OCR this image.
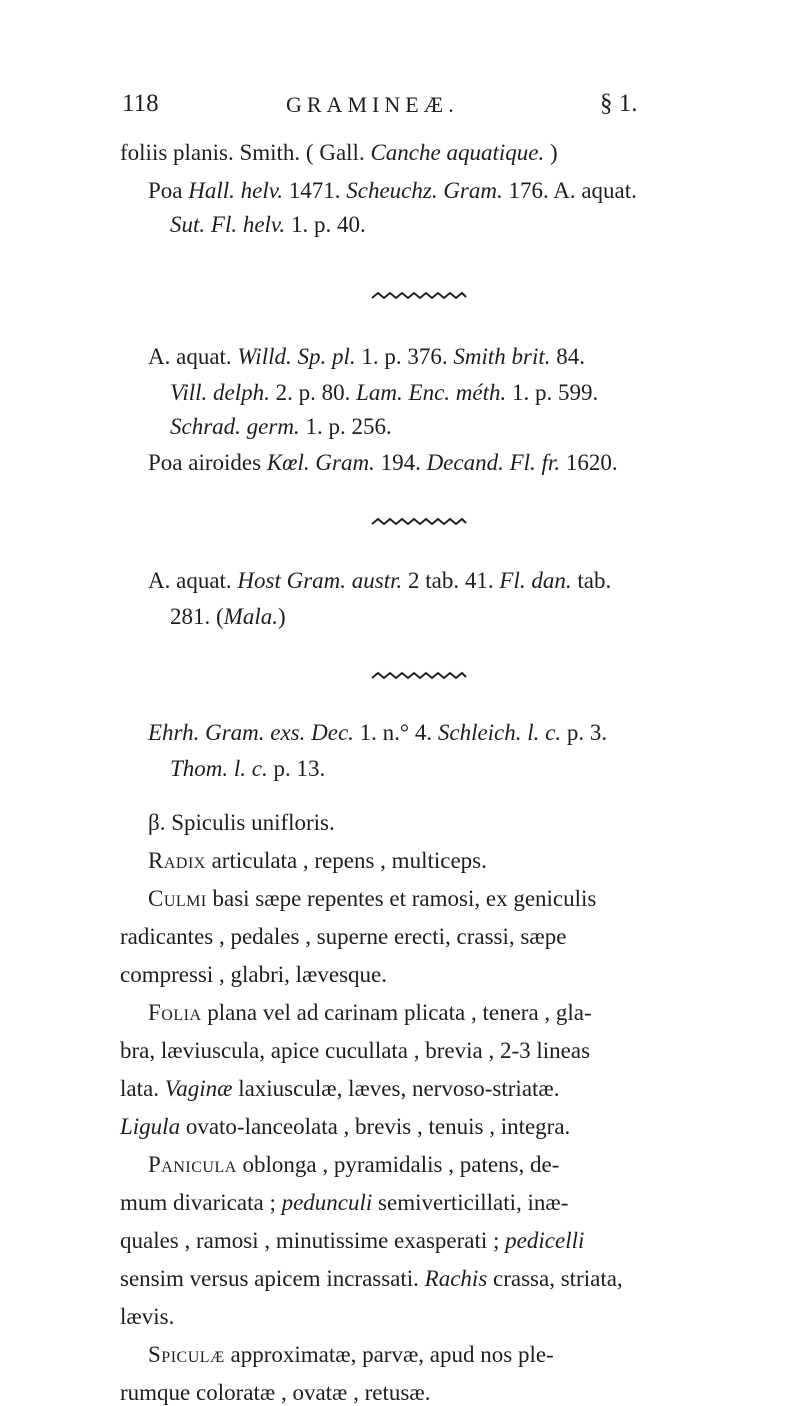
118	GRAMINEÆ.	§ 1.
foliis planis. Smith. ( Gall. Canche aquatique. )
Poa Hall. helv. 1471. Scheuchz. Gram. 176. A. aquat.
Sut. Fl. helv. 1. p. 40.
A. aquat. Willd. Sp. pl. 1. p. 376. Smith brit. 84.
Vill. delph. 2. p. 80. Lam. Enc. méth. 1. p. 599.
Schrad. germ. 1. p. 256.
Poa airoides Kœl. Gram. 194. Decand. Fl. fr. 1620.
A. aquat. Host Gram. austr. 2 tab. 41. Fl. dan. tab.
281. (Mala.)
Ehrh. Gram. exs. Dec. 1. n.° 4. Schleich. l. c. p. 3.
Thom. l. c. p. 13.
β. Spiculis unifloris.
Radix articulata , repens , multiceps.
Culmi basi sæpe repentes et ramosi, ex geniculis
radicantes , pedales , superne erecti, crassi, sæpe
compressi , glabri, lævesque.
Folia plana vel ad carinam plicata , tenera , gla-
bra, læviuscula, apice cucullata , brevia , 2-3 lineas
lata. Vaginæ laxiusculæ, læves, nervoso-striatæ.
Ligula ovato-lanceolata , brevis , tenuis , integra.
Panicula oblonga , pyramidalis , patens, de-
mum divaricata ; pedunculi semiverticillati, inæ-
quales , ramosi , minutissime exasperati ; pedicelli
sensim versus apicem incrassati. Rachis crassa, striata,
lævis.
Spiculæ approximatæ, parvæ, apud nos ple-
rumque coloratæ , ovatæ , retusæ.
